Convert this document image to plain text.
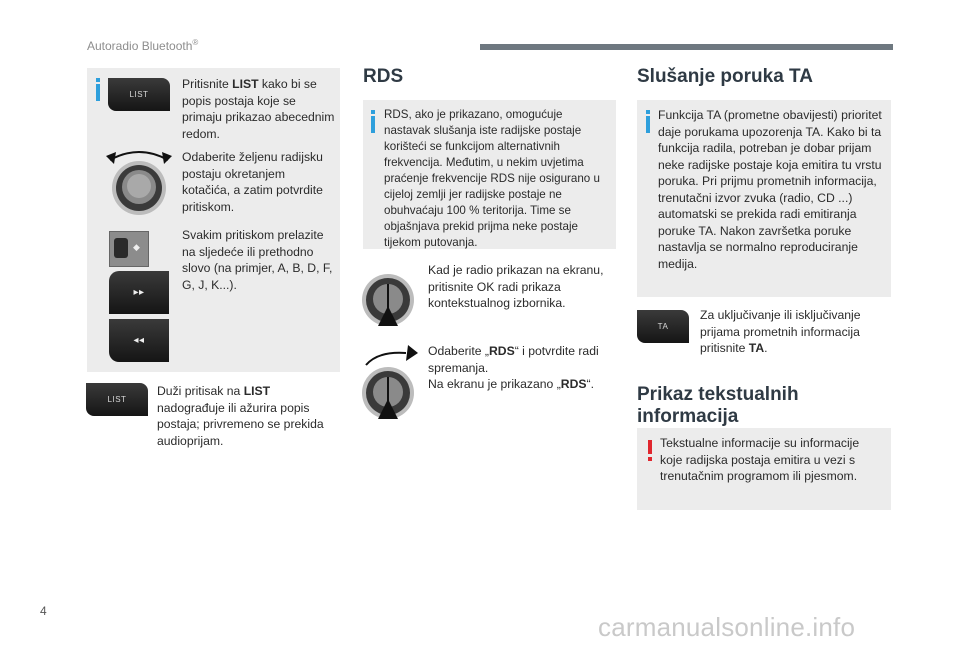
Autoradio Bluetooth®
LIST
Pritisnite LIST kako bi se popis postaja koje se primaju prikazao abecednim redom.
Odaberite željenu radijsku postaju okretanjem kotačića, a zatim potvrdite pritiskom.
◆
▸▸
◂◂
Svakim pritiskom prelazite na sljedeće ili prethodno slovo (na primjer, A, B, D, F, G, J, K...).
LIST
Duži pritisak na LIST nadograđuje ili ažurira popis postaja; privremeno se prekida audioprijam.
RDS
RDS, ako je prikazano, omogućuje nastavak slušanja iste radijske postaje korišteći se funkcijom alternativnih frekvencija. Međutim, u nekim uvjetima praćenje frekvencije RDS nije osigurano u cijeloj zemlji jer radijske postaje ne obuhvaćaju 100 % teritorija. Time se objašnjava prekid prijma neke postaje tijekom putovanja.
Kad je radio prikazan na ekranu, pritisnite OK radi prikaza kontekstualnog izbornika.
Odaberite „RDS“ i potvrdite radi spremanja.
Na ekranu je prikazano „RDS“.
Slušanje poruka TA
Funkcija TA (prometne obavijesti) prioritet daje porukama upozorenja TA. Kako bi ta funkcija radila, potreban je dobar prijam neke radijske postaje koja emitira tu vrstu poruka. Pri prijmu prometnih informacija, trenutačni izvor zvuka (radio, CD ...) automatski se prekida radi emitiranja poruke TA. Nakon završetka poruke nastavlja se normalno reproduciranje medija.
TA
Za uključivanje ili isključivanje prijama prometnih informacija pritisnite TA.
Prikaz tekstualnih
informacija
Tekstualne informacije su informacije koje radijska postaja emitira u vezi s trenutačnim programom ili pjesmom.
4
carmanualsonline.info
